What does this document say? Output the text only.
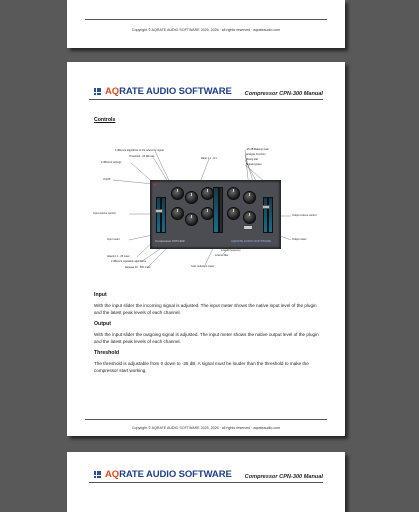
Copyright © AQRATE AUDIO SOFTWARE 2025, 2026 · all rights reserved · aqrateaudio.com
AQRATE AUDIO SOFTWARE Compressor CPN-300 Manual
Controls
3 different algorithms to the reference signal
Threshold: -25 dB max.
3 different settings
Ratio 1:1 - 8:1
On/Off
-25 dB Makeup Gain
Analysis Function
Mixing dial
Signal bypass
Input volume control
Input meter
Output volume control
Output meter
Attack 0.1 - 25 msec
2 different regulation algorithms
Release 10 - 500 msec	Gain reduction meter
Lowcut filter
Lowcut frequency
Compressor CPN-300	AQRATE AUDIO SOFTWARE
Input
With the input slider the incoming signal is adjusted. The input meter shows the native input level of the plugin and the latest peak levels of each channel.
Output
With the input slider the outgoing signal is adjusted. The input meter shows the native output level of the plugin and the latest peak levels of each channel.
Threshold
The threshold is adjustable from 0 down to -25 dB. A signal must be louder than the threshold to make the compressor start working.
Copyright © AQRATE AUDIO SOFTWARE 2025, 2026 · all rights reserved · aqrateaudio.com
AQRATE AUDIO SOFTWARE Compressor CPN-300 Manual
